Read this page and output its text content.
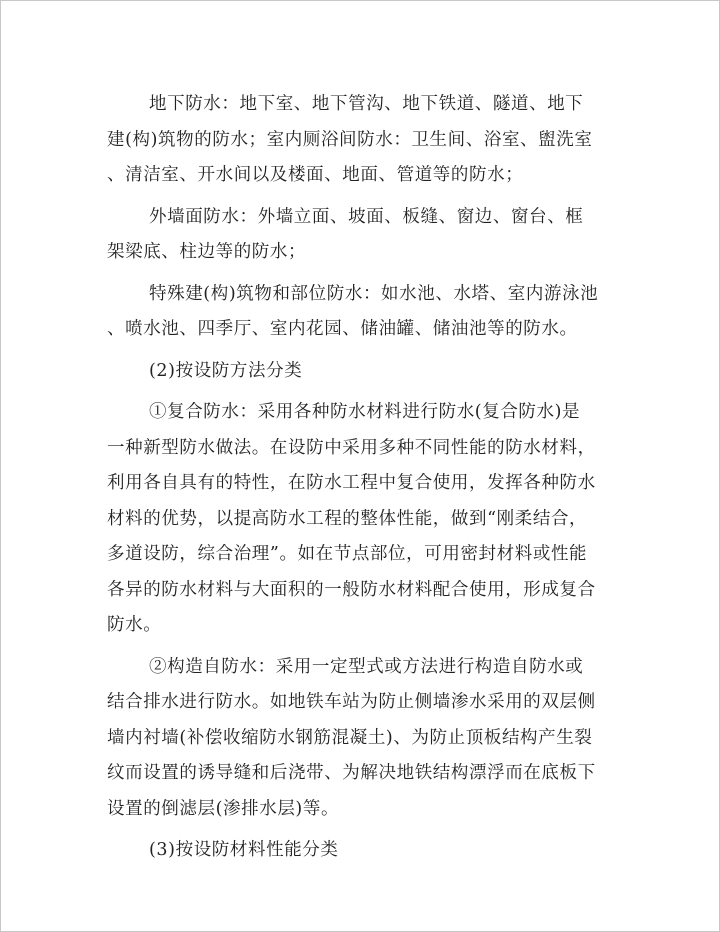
地下防水：地下室、地下管沟、地下铁道、隧道、地下
建(构)筑物的防水；室内厕浴间防水：卫生间、浴室、盥洗室
、清洁室、开水间以及楼面、地面、管道等的防水；
外墙面防水：外墙立面、坡面、板缝、窗边、窗台、框
架梁底、柱边等的防水；
特殊建(构)筑物和部位防水：如水池、水塔、室内游泳池
、喷水池、四季厅、室内花园、储油罐、储油池等的防水。
(2)按设防方法分类
①复合防水：采用各种防水材料进行防水(复合防水)是
一种新型防水做法。在设防中采用多种不同性能的防水材料，
利用各自具有的特性，在防水工程中复合使用，发挥各种防水
材料的优势，以提高防水工程的整体性能，做到“刚柔结合，
多道设防，综合治理”。如在节点部位，可用密封材料或性能
各异的防水材料与大面积的一般防水材料配合使用，形成复合
防水。
②构造自防水：采用一定型式或方法进行构造自防水或
结合排水进行防水。如地铁车站为防止侧墙渗水采用的双层侧
墙内衬墙(补偿收缩防水钢筋混凝土)、为防止顶板结构产生裂
纹而设置的诱导缝和后浇带、为解决地铁结构漂浮而在底板下
设置的倒滤层(渗排水层)等。
(3)按设防材料性能分类
